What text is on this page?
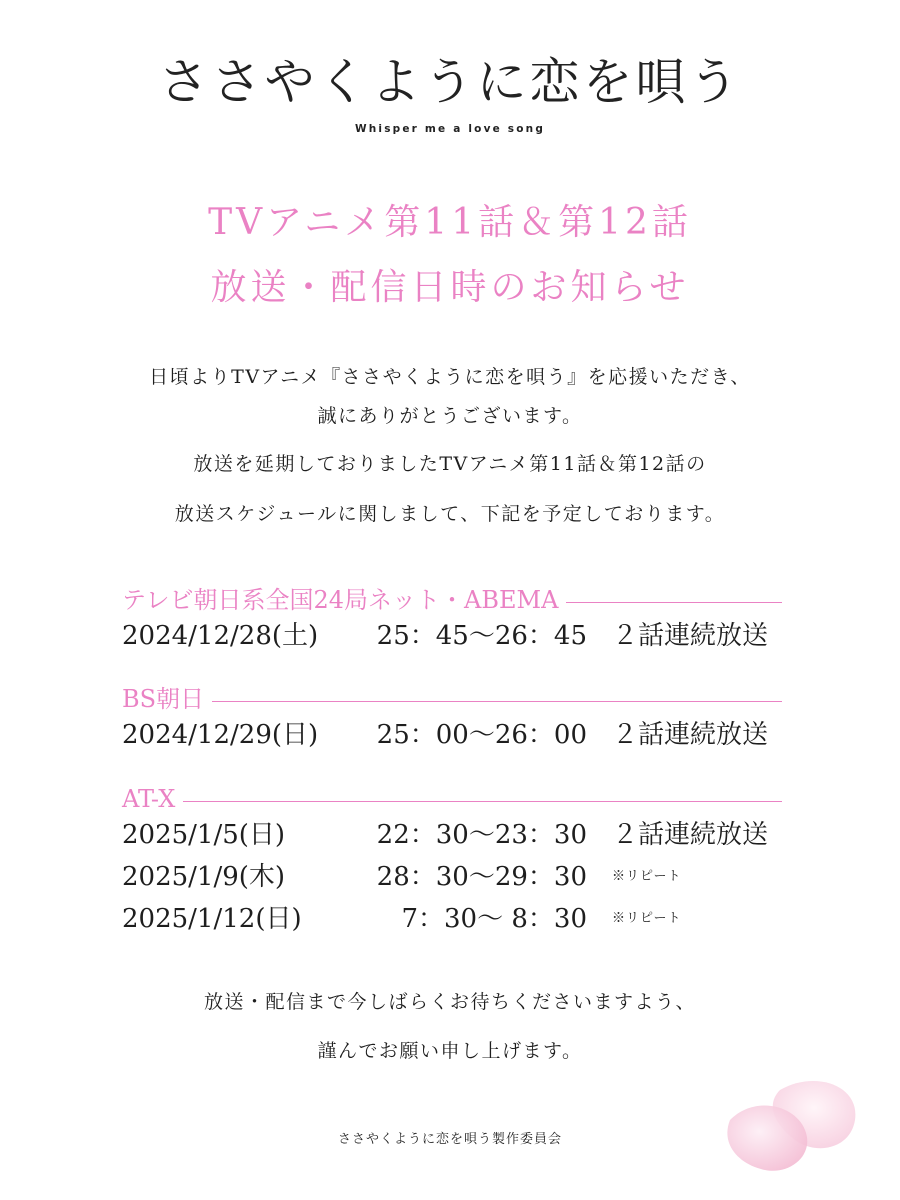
ささやくように恋を唄う
Whisper me a love song
TVアニメ第11話＆第12話
放送・配信日時のお知らせ
日頃よりTVアニメ『ささやくように恋を唄う』を応援いただき、
誠にありがとうございます。
放送を延期しておりましたTVアニメ第11話＆第12話の
放送スケジュールに関しまして、下記を予定しております。
テレビ朝日系全国24局ネット・ABEMA
2024/12/28(土) 25：45～26：45 ２話連続放送
BS朝日
2024/12/29(日) 25：00～26：00 ２話連続放送
AT-X
2025/1/5(日)	22：30～23：30 ２話連続放送
2025/1/9(木)	28：30～29：30 ※リピート
2025/1/12(日)	7：30～ 8：30 ※リピート
放送・配信まで今しばらくお待ちくださいますよう、
謹んでお願い申し上げます。
ささやくように恋を唄う製作委員会
